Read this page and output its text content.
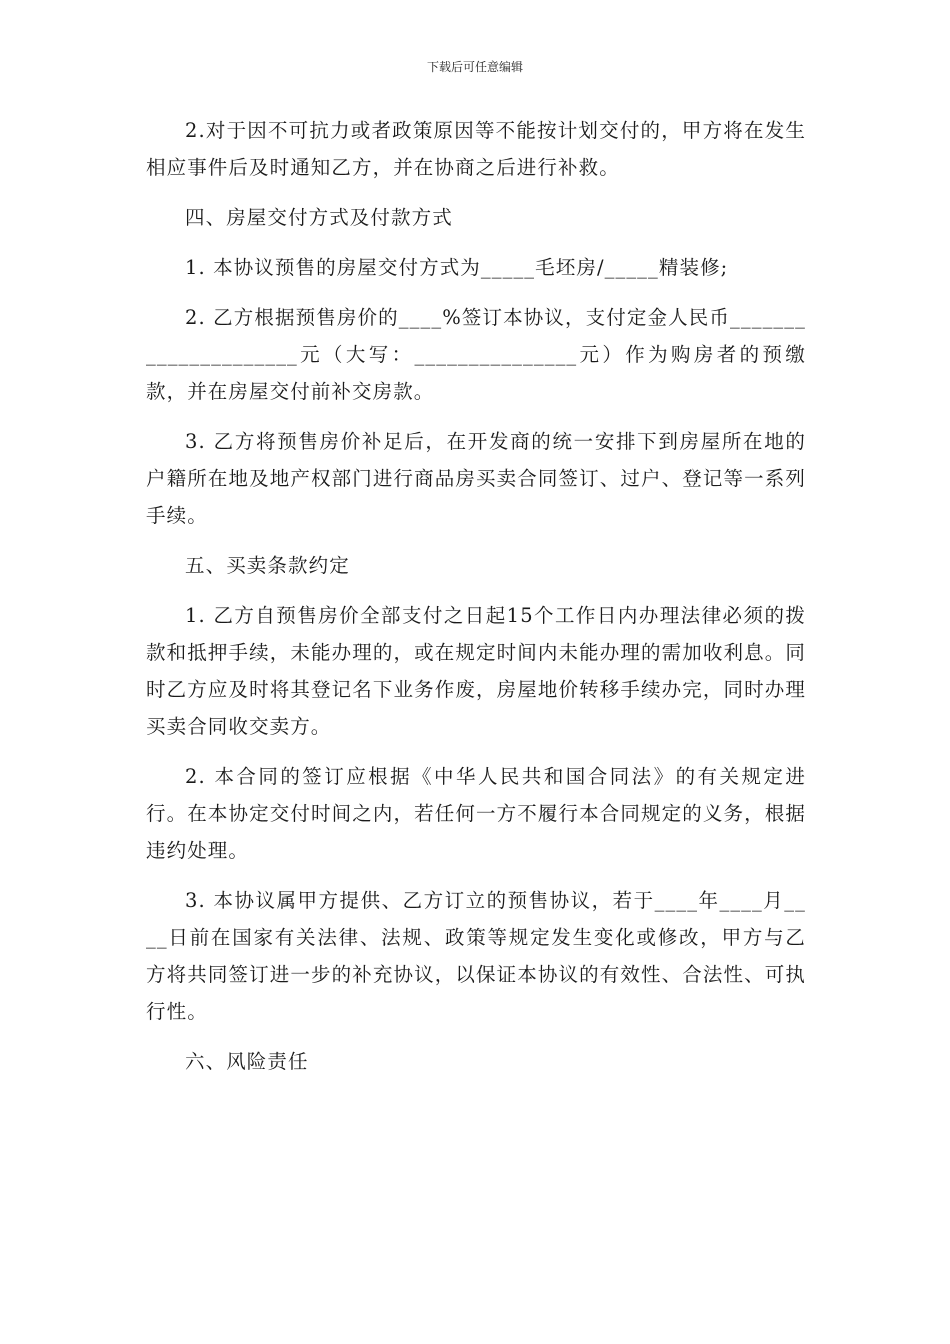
下载后可任意编辑

2.对于因不可抗力或者政策原因等不能按计划交付的，甲方将在发生相应事件后及时通知乙方，并在协商之后进行补救。

四、房屋交付方式及付款方式

1. 本协议预售的房屋交付方式为_____毛坯房/_____精装修;

2. 乙方根据预售房价的____%签订本协议，支付定金人民币_____________________元（大写：_______________元）作为购房者的预缴款，并在房屋交付前补交房款。

3. 乙方将预售房价补足后，在开发商的统一安排下到房屋所在地的户籍所在地及地产权部门进行商品房买卖合同签订、过户、登记等一系列手续。

五、买卖条款约定

1. 乙方自预售房价全部支付之日起15个工作日内办理法律必须的拨款和抵押手续，未能办理的，或在规定时间内未能办理的需加收利息。同时乙方应及时将其登记名下业务作废，房屋地价转移手续办完，同时办理买卖合同收交卖方。

2. 本合同的签订应根据《中华人民共和国合同法》的有关规定进行。在本协定交付时间之内，若任何一方不履行本合同规定的义务，根据违约处理。

3. 本协议属甲方提供、乙方订立的预售协议，若于____年____月____日前在国家有关法律、法规、政策等规定发生变化或修改，甲方与乙方将共同签订进一步的补充协议，以保证本协议的有效性、合法性、可执行性。

六、风险责任
